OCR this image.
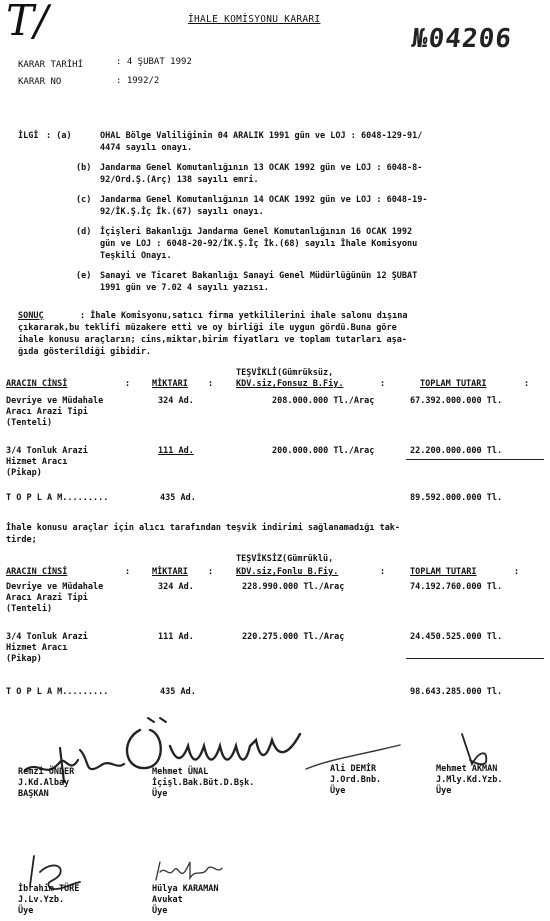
T/	İHALE KOMİSYONU KARARI
№04206
KARAR TARİHİ	: 4 ŞUBAT 1992
KARAR NO	: 1992/2
İLGİ : (a)	OHAL Bölge Valiliğinin 04 ARALIK 1991 gün ve LOJ : 6048-129-91/
4474 sayılı onayı.
(b) Jandarma Genel Komutanlığının 13 OCAK 1992 gün ve LOJ : 6048-8-
92/Ord.Ş.(Arç) 138 sayılı emri.
(c) Jandarma Genel Komutanlığının 14 OCAK 1992 gün ve LOJ : 6048-19-
92/İK.Ş.İç İk.(67) sayılı onayı.
(d) İçişleri Bakanlığı Jandarma Genel Komutanlığının 16 OCAK 1992
gün ve LOJ : 6048-20-92/İK.Ş.İç İk.(68) sayılı İhale Komisyonu
Teşkili Onayı.
(e) Sanayi ve Ticaret Bakanlığı Sanayi Genel Müdürlüğünün 12 ŞUBAT
1991 gün ve 7.02 4 sayılı yazısı.
SONUÇ	: İhale Komisyonu,satıcı firma yetkililerini ihale salonu dışına
çıkararak,bu teklifi müzakere etti ve oy birliği ile uygun gördü.Buna göre
ihale konusu araçların; cins,miktar,birim fiyatları ve toplam tutarları aşa-
ğıda gösterildiği gibidir.
TEŞVİKLİ(Gümrüksüz,
ARACIN CİNSİ	:	MİKTARI :	KDV.siz,Fonsuz B.Fiy.	:	TOPLAM TUTARI	:
Devriye ve Müdahale
Aracı Arazi Tipi
(Tenteli)
324 Ad.	208.000.000 Tl./Araç	67.392.000.000 Tl.
3/4 Tonluk Arazi
Hizmet Aracı
(Pikap)
111 Ad.	200.000.000 Tl./Araç	22.200.000.000 Tl.
T O P L A M.........	435 Ad.	89.592.000.000 Tl.
İhale konusu araçlar için alıcı tarafından teşvik indirimi sağlanamadığı tak-
tirde;
TEŞVİKSİZ(Gümrüklü,
ARACIN CİNSİ	:	MİKTARI :	KDV.siz,Fonlu B.Fiy.	:	TOPLAM TUTARI	:
Devriye ve Müdahale
Aracı Arazi Tipi
(Tenteli)
324 Ad.	228.990.000 Tl./Araç	74.192.760.000 Tl.
3/4 Tonluk Arazi
Hizmet Aracı
(Pikap)
111 Ad.	220.275.000 Tl./Araç	24.450.525.000 Tl.
T O P L A M.........	435 Ad.	98.643.285.000 Tl.
Remzi ÖNDER
J.Kd.Albay
BAŞKAN
Mehmet ÜNAL
İçişl.Bak.Büt.D.Bşk.
Üye
Ali DEMİR
J.Ord.Bnb.
Üye
Mehmet AKMAN
J.Mly.Kd.Yzb.
Üye
İbrahim TÜRE
J.Lv.Yzb.
Üye
Hülya KARAMAN
Avukat
Üye
